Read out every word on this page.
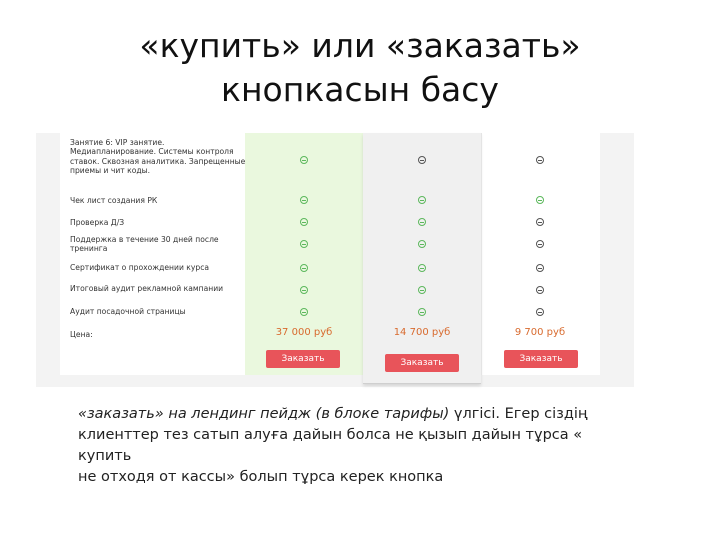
«купить» или «заказать»
кнопкасын басу
Занятие 6: VIP занятие. Медиапланирование. Системы контроля ставок. Сквозная аналитика. Запрещенные приемы и чит коды.
Чек лист создания РК
Проверка Д/З
Поддержка в течение 30 дней после тренинга
Сертификат о прохождении курса
Итоговый аудит рекламной кампании
Аудит посадочной страницы
Цена:	37 000 руб	14 700 руб	9 700 руб
Заказать	Заказать	Заказать
«заказать» на лендинг пейдж (в блоке тарифы) үлгісі. Егер сіздің
клиенттер тез сатып алуға дайын болса не қызып дайын тұрса « купить
не отходя от кассы» болып тұрса керек кнопка
